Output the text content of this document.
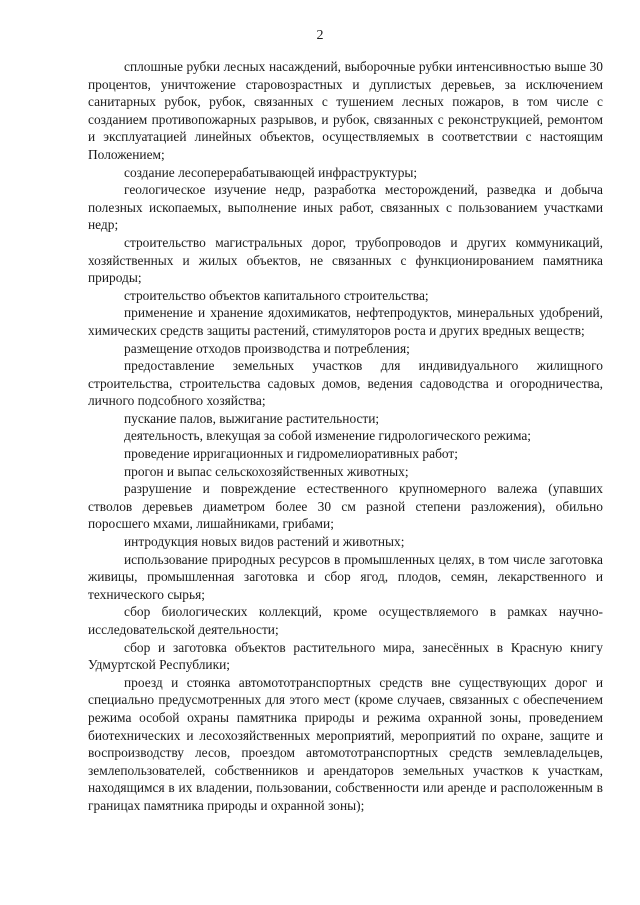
2

сплошные рубки лесных насаждений, выборочные рубки интенсивностью выше 30 процентов, уничтожение старовозрастных и дуплистых деревьев, за исключением санитарных рубок, рубок, связанных с тушением лесных пожаров, в том числе с созданием противопожарных разрывов, и рубок, связанных с реконструкцией, ремонтом и эксплуатацией линейных объектов, осуществляемых в соответствии с настоящим Положением;

создание лесоперерабатывающей инфраструктуры;

геологическое изучение недр, разработка месторождений, разведка и добыча полезных ископаемых, выполнение иных работ, связанных с пользованием участками недр;

строительство магистральных дорог, трубопроводов и других коммуникаций, хозяйственных и жилых объектов, не связанных с функционированием памятника природы;

строительство объектов капитального строительства;

применение и хранение ядохимикатов, нефтепродуктов, минеральных удобрений, химических средств защиты растений, стимуляторов роста и других вредных веществ;

размещение отходов производства и потребления;

предоставление земельных участков для индивидуального жилищного строительства, строительства садовых домов, ведения садоводства и огородничества, личного подсобного хозяйства;

пускание палов, выжигание растительности;

деятельность, влекущая за собой изменение гидрологического режима;

проведение ирригационных и гидромелиоративных работ;

прогон и выпас сельскохозяйственных животных;

разрушение и повреждение естественного крупномерного валежа (упавших стволов деревьев диаметром более 30 см разной степени разложения), обильно поросшего мхами, лишайниками, грибами;

интродукция новых видов растений и животных;

использование природных ресурсов в промышленных целях, в том числе заготовка живицы, промышленная заготовка и сбор ягод, плодов, семян, лекарственного и технического сырья;

сбор биологических коллекций, кроме осуществляемого в рамках научно-исследовательской деятельности;

сбор и заготовка объектов растительного мира, занесённых в Красную книгу Удмуртской Республики;

проезд и стоянка автомототранспортных средств вне существующих дорог и специально предусмотренных для этого мест (кроме случаев, связанных с обеспечением режима особой охраны памятника природы и режима охранной зоны, проведением биотехнических и лесохозяйственных мероприятий, мероприятий по охране, защите и воспроизводству лесов, проездом автомототранспортных средств землевладельцев, землепользователей, собственников и арендаторов земельных участков к участкам, находящимся в их владении, пользовании, собственности или аренде и расположенным в границах памятника природы и охранной зоны);
